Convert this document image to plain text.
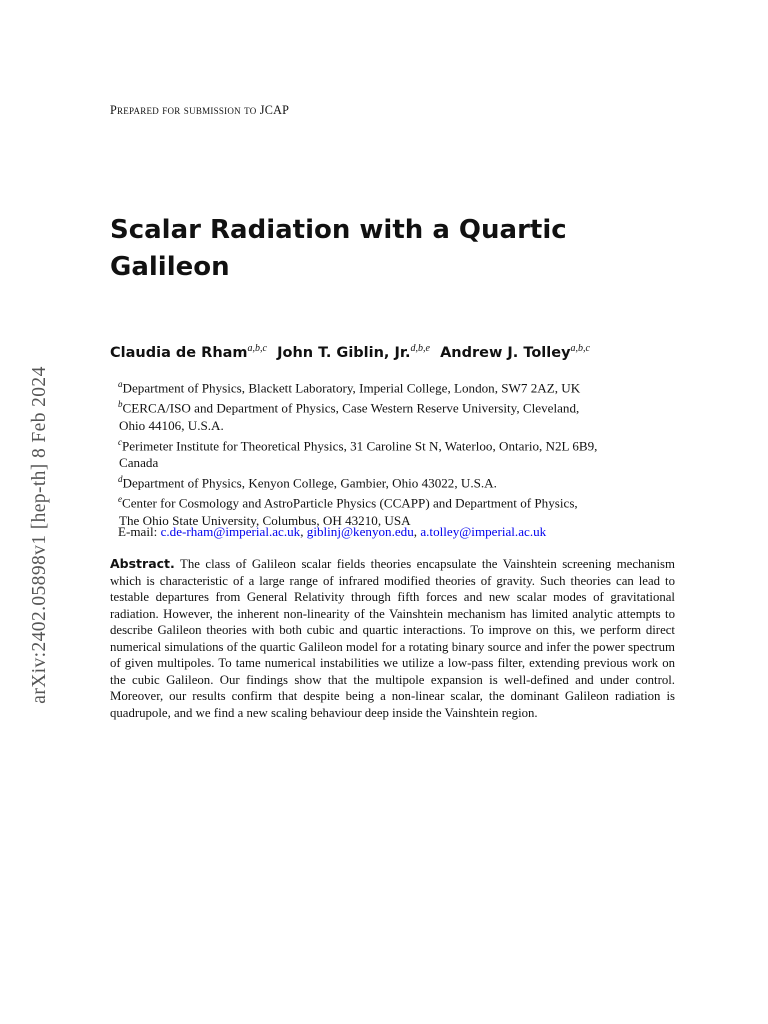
arXiv:2402.05898v1 [hep-th] 8 Feb 2024
Prepared for submission to JCAP
Scalar Radiation with a Quartic Galileon
Claudia de Rham$^{a,b,c}$ John T. Giblin, Jr.$^{d,b,e}$ Andrew J. Tolley$^{a,b,c}$
$^a$Department of Physics, Blackett Laboratory, Imperial College, London, SW7 2AZ, UK
$^b$CERCA/ISO and Department of Physics, Case Western Reserve University, Cleveland,
Ohio 44106, U.S.A.
$^c$Perimeter Institute for Theoretical Physics, 31 Caroline St N, Waterloo, Ontario, N2L 6B9,
Canada
$^d$Department of Physics, Kenyon College, Gambier, Ohio 43022, U.S.A.
$^e$Center for Cosmology and AstroParticle Physics (CCAPP) and Department of Physics,
The Ohio State University, Columbus, OH 43210, USA
E-mail: c.de-rham@imperial.ac.uk, giblinj@kenyon.edu, a.tolley@imperial.ac.uk
Abstract. The class of Galileon scalar fields theories encapsulate the Vainshtein screening mechanism which is characteristic of a large range of infrared modified theories of gravity. Such theories can lead to testable departures from General Relativity through fifth forces and new scalar modes of gravitational radiation. However, the inherent non-linearity of the Vainshtein mechanism has limited analytic attempts to describe Galileon theories with both cubic and quartic interactions. To improve on this, we perform direct numerical simulations of the quartic Galileon model for a rotating binary source and infer the power spectrum of given multipoles. To tame numerical instabilities we utilize a low-pass filter, extending previous work on the cubic Galileon. Our findings show that the multipole expansion is well-defined and under control. Moreover, our results confirm that despite being a non-linear scalar, the dominant Galileon radiation is quadrupole, and we find a new scaling behaviour deep inside the Vainshtein region.
